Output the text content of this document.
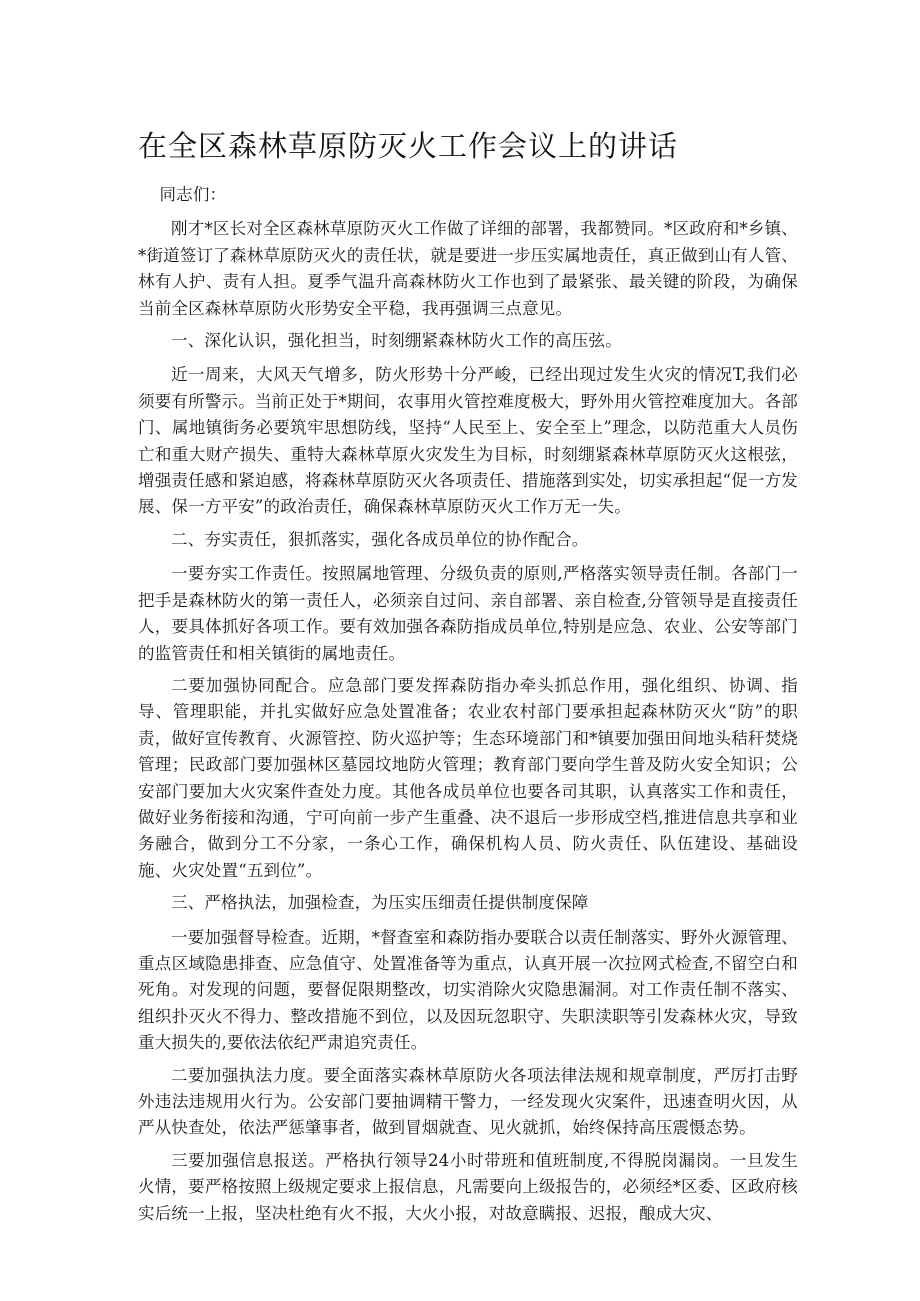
在全区森林草原防灭火工作会议上的讲话

同志们：

刚才*区长对全区森林草原防灭火工作做了详细的部署，我都赞同。*区政府和*乡镇、*街道签订了森林草原防灭火的责任状，就是要进一步压实属地责任，真正做到山有人管、林有人护、责有人担。夏季气温升高森林防火工作也到了最紧张、最关键的阶段，为确保当前全区森林草原防火形势安全平稳，我再强调三点意见。

一、深化认识，强化担当，时刻绷紧森林防火工作的高压弦。

近一周来，大风天气增多，防火形势十分严峻，已经出现过发生火灾的情况T,我们必须要有所警示。当前正处于*期间，农事用火管控难度极大，野外用火管控难度加大。各部门、属地镇街务必要筑牢思想防线，坚持“人民至上、安全至上”理念，以防范重大人员伤亡和重大财产损失、重特大森林草原火灾发生为目标，时刻绷紧森林草原防灭火这根弦，增强责任感和紧迫感，将森林草原防灭火各项责任、措施落到实处，切实承担起“促一方发展、保一方平安”的政治责任，确保森林草原防灭火工作万无一失。

二、夯实责任，狠抓落实，强化各成员单位的协作配合。

一要夯实工作责任。按照属地管理、分级负责的原则,严格落实领导责任制。各部门一把手是森林防火的第一责任人，必须亲自过问、亲自部署、亲自检查,分管领导是直接责任人，要具体抓好各项工作。要有效加强各森防指成员单位,特别是应急、农业、公安等部门的监管责任和相关镇街的属地责任。

二要加强协同配合。应急部门要发挥森防指办牵头抓总作用，强化组织、协调、指导、管理职能，并扎实做好应急处置准备；农业农村部门要承担起森林防灭火“防”的职责，做好宣传教育、火源管控、防火巡护等；生态环境部门和*镇要加强田间地头秸秆焚烧管理；民政部门要加强林区墓园坟地防火管理；教育部门要向学生普及防火安全知识；公安部门要加大火灾案件查处力度。其他各成员单位也要各司其职，认真落实工作和责任，做好业务衔接和沟通，宁可向前一步产生重叠、决不退后一步形成空档,推进信息共享和业务融合，做到分工不分家，一条心工作，确保机构人员、防火责任、队伍建设、基础设施、火灾处置“五到位”。

三、严格执法，加强检查，为压实压细责任提供制度保障

一要加强督导检查。近期，*督查室和森防指办要联合以责任制落实、野外火源管理、重点区域隐患排查、应急值守、处置准备等为重点，认真开展一次拉网式检查,不留空白和死角。对发现的问题，要督促限期整改，切实消除火灾隐患漏洞。对工作责任制不落实、组织扑灭火不得力、整改措施不到位，以及因玩忽职守、失职渎职等引发森林火灾，导致重大损失的,要依法依纪严肃追究责任。

二要加强执法力度。要全面落实森林草原防火各项法律法规和规章制度，严厉打击野外违法违规用火行为。公安部门要抽调精干警力，一经发现火灾案件，迅速查明火因，从严从快查处，依法严惩肇事者，做到冒烟就查、见火就抓，始终保持高压震慑态势。

三要加强信息报送。严格执行领导24小时带班和值班制度,不得脱岗漏岗。一旦发生火情，要严格按照上级规定要求上报信息，凡需要向上级报告的，必须经*区委、区政府核实后统一上报，坚决杜绝有火不报，大火小报，对故意瞒报、迟报，酿成大灾、
